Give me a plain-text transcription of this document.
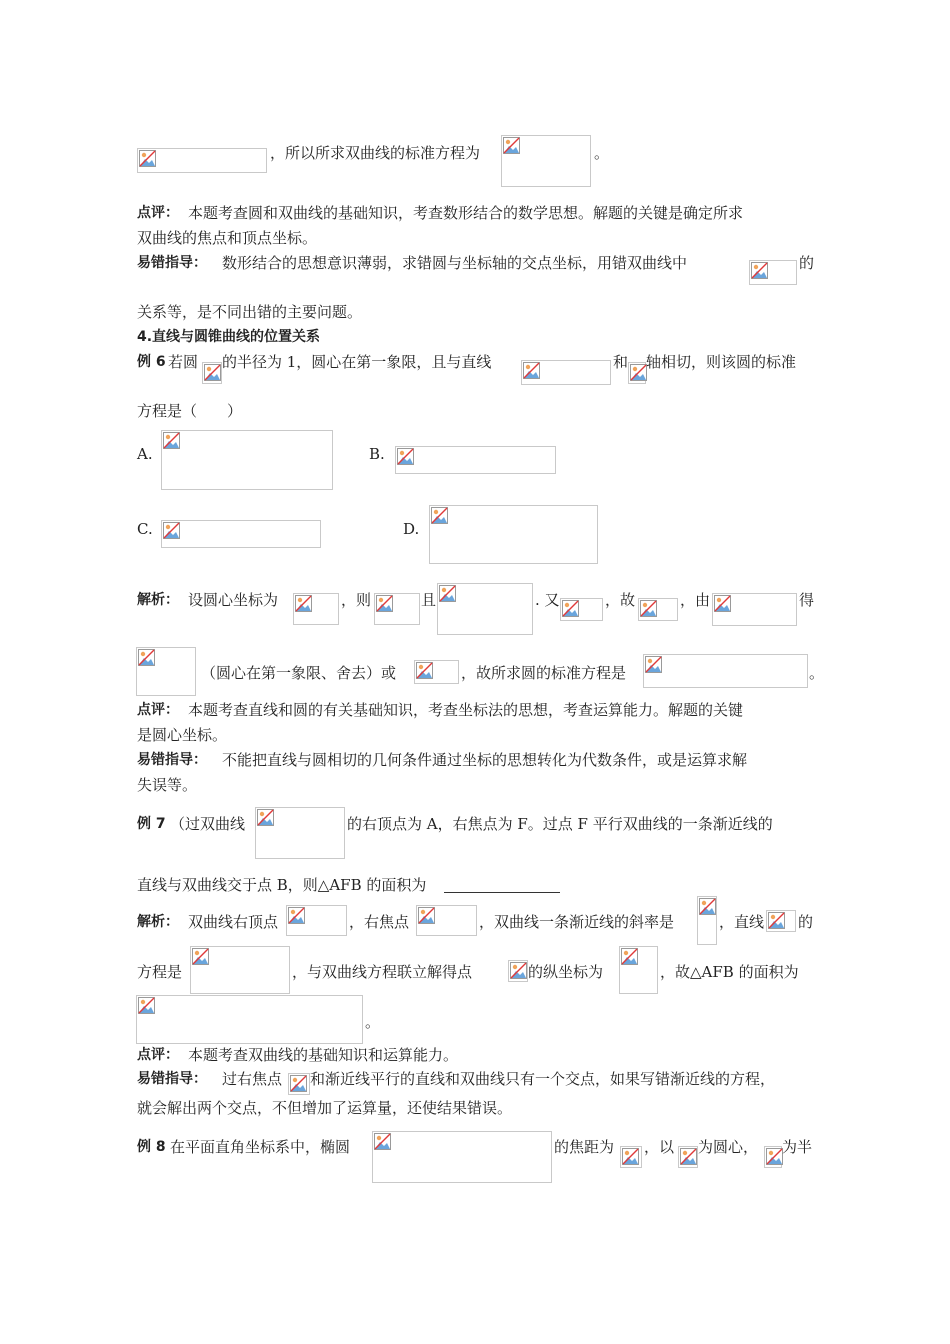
，所以所求双曲线的标准方程为	。
点评： 本题考查圆和双曲线的基础知识，考查数形结合的数学思想。解题的关键是确定所求
双曲线的焦点和顶点坐标。
易错指导： 数形结合的思想意识薄弱，求错圆与坐标轴的交点坐标，用错双曲线中	的
关系等，是不同出错的主要问题。
4.直线与圆锥曲线的位置关系
例 6 若圆 的半径为 1，圆心在第一象限，且与直线	和 轴相切，则该圆的标准
方程是（　　）
A.	B.
C.	D.
解析： 设圆心坐标为	，则	且	. 又	，故	，由	得
（圆心在第一象限、舍去）或	，故所求圆的标准方程是	。
点评： 本题考查直线和圆的有关基础知识，考查坐标法的思想，考查运算能力。解题的关键
是圆心坐标。
易错指导： 不能把直线与圆相切的几何条件通过坐标的思想转化为代数条件，或是运算求解
失误等。
例 7 （过双曲线	的右顶点为 A，右焦点为 F。过点 F 平行双曲线的一条渐近线的
直线与双曲线交于点 B，则△AFB 的面积为
解析： 双曲线右顶点	，右焦点	，双曲线一条渐近线的斜率是	，直线 的
方程是	，与双曲线方程联立解得点	的纵坐标为	，故△AFB 的面积为
。
点评： 本题考查双曲线的基础知识和运算能力。
易错指导： 过右焦点 和渐近线平行的直线和双曲线只有一个交点，如果写错渐近线的方程，
就会解出两个交点，不但增加了运算量，还使结果错误。
例 8 在平面直角坐标系中，椭圆	的焦距为 ，以 为圆心， 为半
